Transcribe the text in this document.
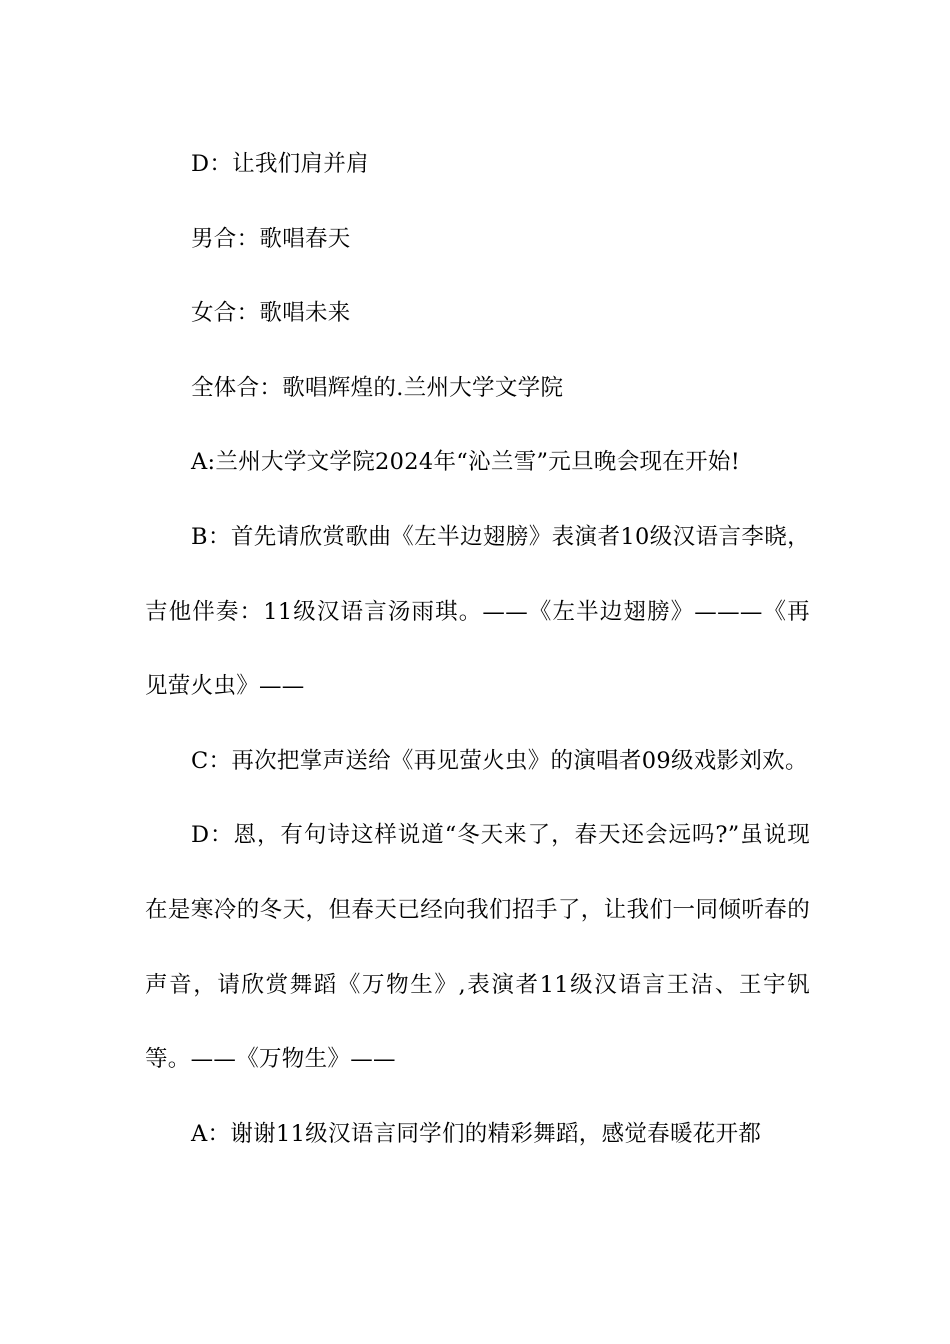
D：让我们肩并肩

男合：歌唱春天

女合：歌唱未来

全体合：歌唱辉煌的.兰州大学文学院

A:兰州大学文学院2024年“沁兰雪”元旦晚会现在开始!

B：首先请欣赏歌曲《左半边翅膀》表演者10级汉语言李晓，吉他伴奏：11级汉语言汤雨琪。——《左半边翅膀》———《再见萤火虫》——

C：再次把掌声送给《再见萤火虫》的演唱者09级戏影刘欢。

D：恩，有句诗这样说道“冬天来了，春天还会远吗?”虽说现在是寒冷的冬天，但春天已经向我们招手了，让我们一同倾听春的声音，请欣赏舞蹈《万物生》,表演者11级汉语言王洁、王宇钒等。——《万物生》——

A：谢谢11级汉语言同学们的精彩舞蹈，感觉春暖花开都
